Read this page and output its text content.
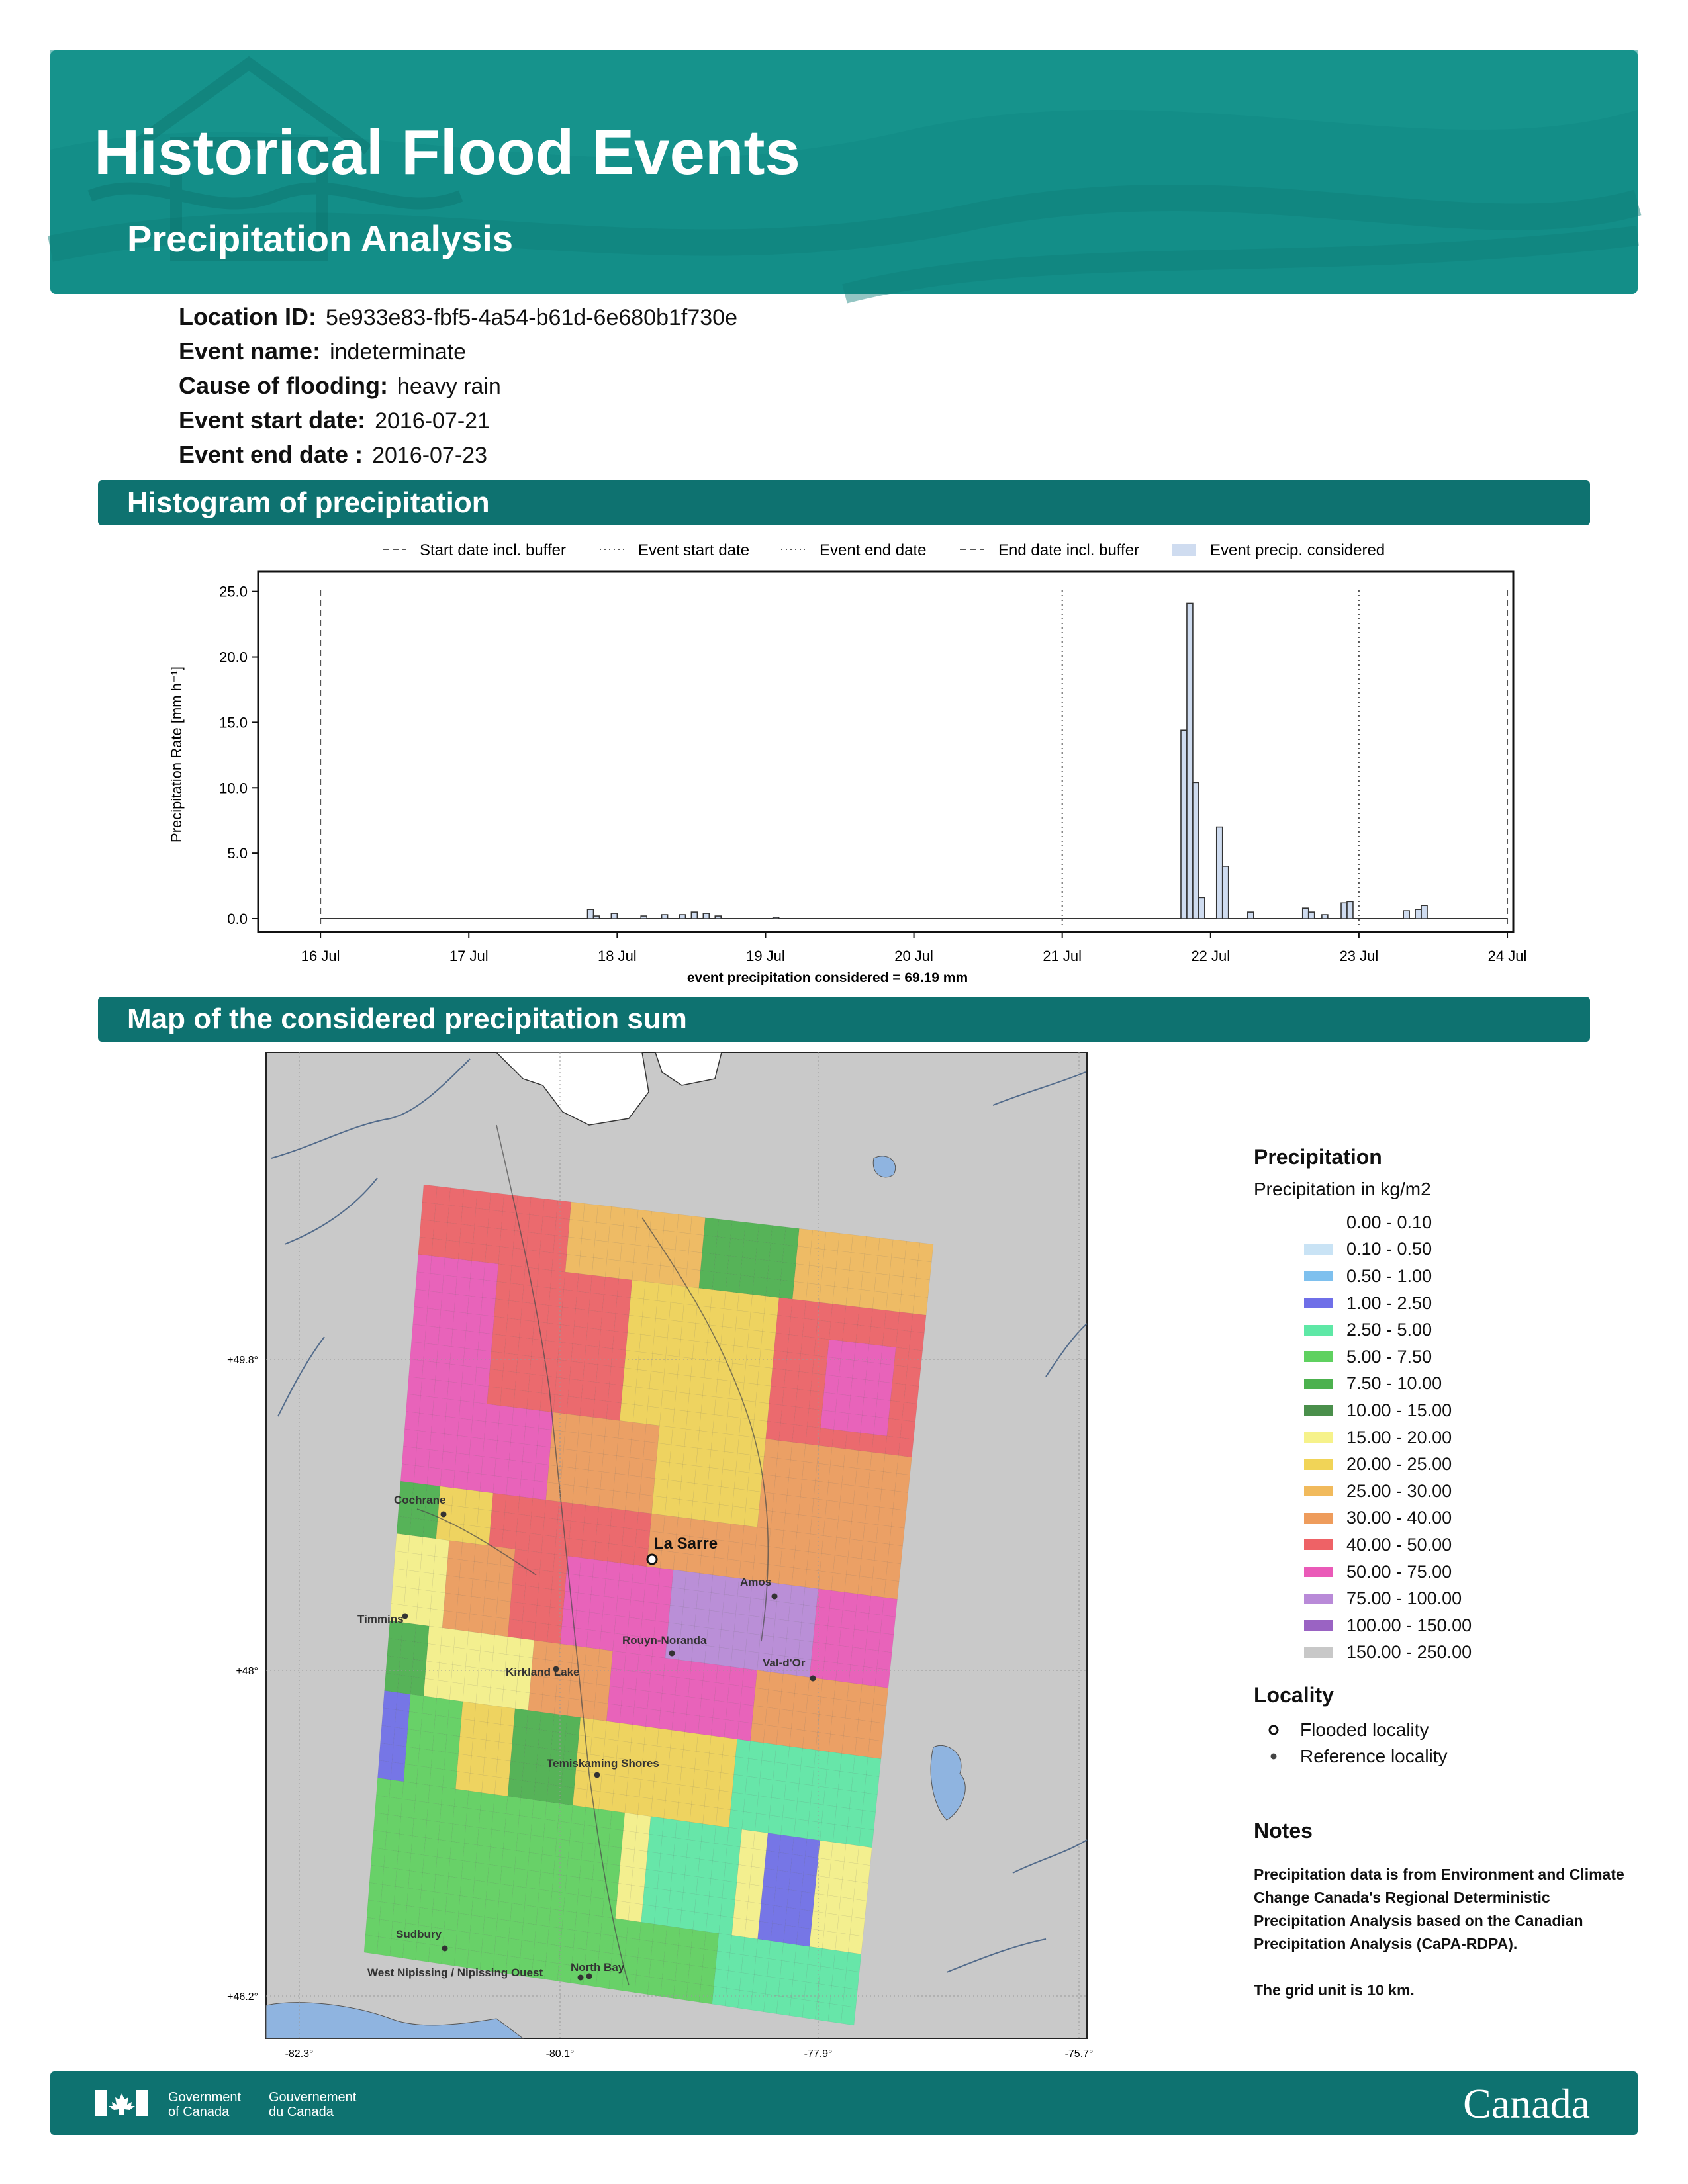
Historical Flood Events
Precipitation Analysis
Location ID: 5e933e83-fbf5-4a54-b61d-6e680b1f730e
Event name: indeterminate
Cause of flooding: heavy rain
Event start date: 2016-07-21
Event end date : 2016-07-23
Histogram of precipitation
Start date incl. buffer	Event start date	Event end date	End date incl. buffer	Event precip. considered
0.0
5.0
10.0
15.0
20.0
25.0
16 Jul	17 Jul	18 Jul	19 Jul	20 Jul	21 Jul	22 Jul	23 Jul	24 Jul
Precipitation Rate [mm h⁻¹]
event precipitation considered = 69.19 mm
Map of the considered precipitation sum
+49.8°
+48°
+46.2°
-82.3°	-80.1°	-77.9°	-75.7°
Cochrane
Timmins
Amos
Rouyn-Noranda
Val-d'Or
Kirkland Lake
Temiskaming Shores
Sudbury
West Nipissing / Nipissing Ouest North Bay
La Sarre
Precipitation
Precipitation in kg/m2
0.00 - 0.10
0.10 - 0.50
0.50 - 1.00
1.00 - 2.50
2.50 - 5.00
5.00 - 7.50
7.50 - 10.00
10.00 - 15.00
15.00 - 20.00
20.00 - 25.00
25.00 - 30.00
30.00 - 40.00
40.00 - 50.00
50.00 - 75.00
75.00 - 100.00
100.00 - 150.00
150.00 - 250.00
Locality
Flooded locality
Reference locality
Notes
Precipitation data is from Environment and Climate Change Canada's Regional Deterministic Precipitation Analysis based on the Canadian Precipitation Analysis (CaPA-RDPA).
The grid unit is 10 km.
Government
of Canada
Gouvernement
du Canada	Canada
